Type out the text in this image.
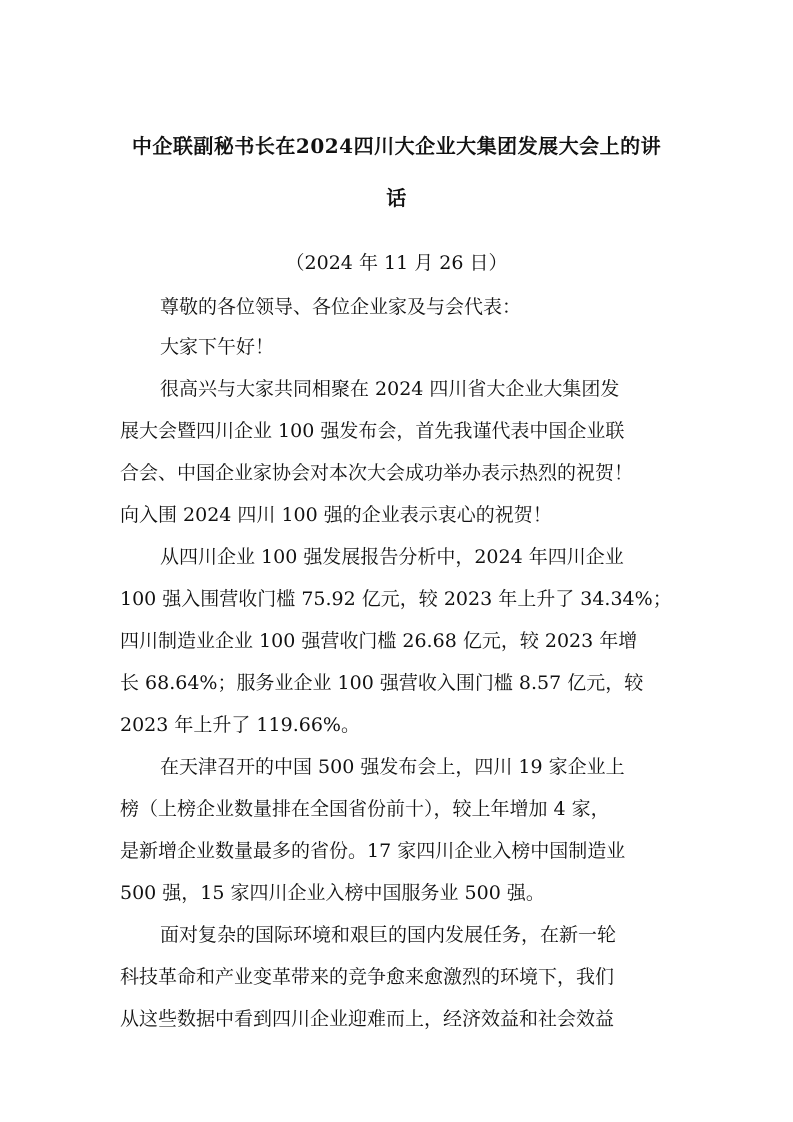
中企联副秘书长在2024四川大企业大集团发展大会上的讲
话
（2024 年 11 月 26 日）
尊敬的各位领导、各位企业家及与会代表：
大家下午好！
很高兴与大家共同相聚在 2024 四川省大企业大集团发
展大会暨四川企业 100 强发布会，首先我谨代表中国企业联
合会、中国企业家协会对本次大会成功举办表示热烈的祝贺！
向入围 2024 四川 100 强的企业表示衷心的祝贺！
从四川企业 100 强发展报告分析中，2024 年四川企业
100 强入围营收门槛 75.92 亿元，较 2023 年上升了 34.34%；
四川制造业企业 100 强营收门槛 26.68 亿元，较 2023 年增
长 68.64%；服务业企业 100 强营收入围门槛 8.57 亿元，较
2023 年上升了 119.66%。
在天津召开的中国 500 强发布会上，四川 19 家企业上
榜（上榜企业数量排在全国省份前十），较上年增加 4 家，
是新增企业数量最多的省份。17 家四川企业入榜中国制造业
500 强，15 家四川企业入榜中国服务业 500 强。
面对复杂的国际环境和艰巨的国内发展任务，在新一轮
科技革命和产业变革带来的竞争愈来愈激烈的环境下，我们
从这些数据中看到四川企业迎难而上，经济效益和社会效益
